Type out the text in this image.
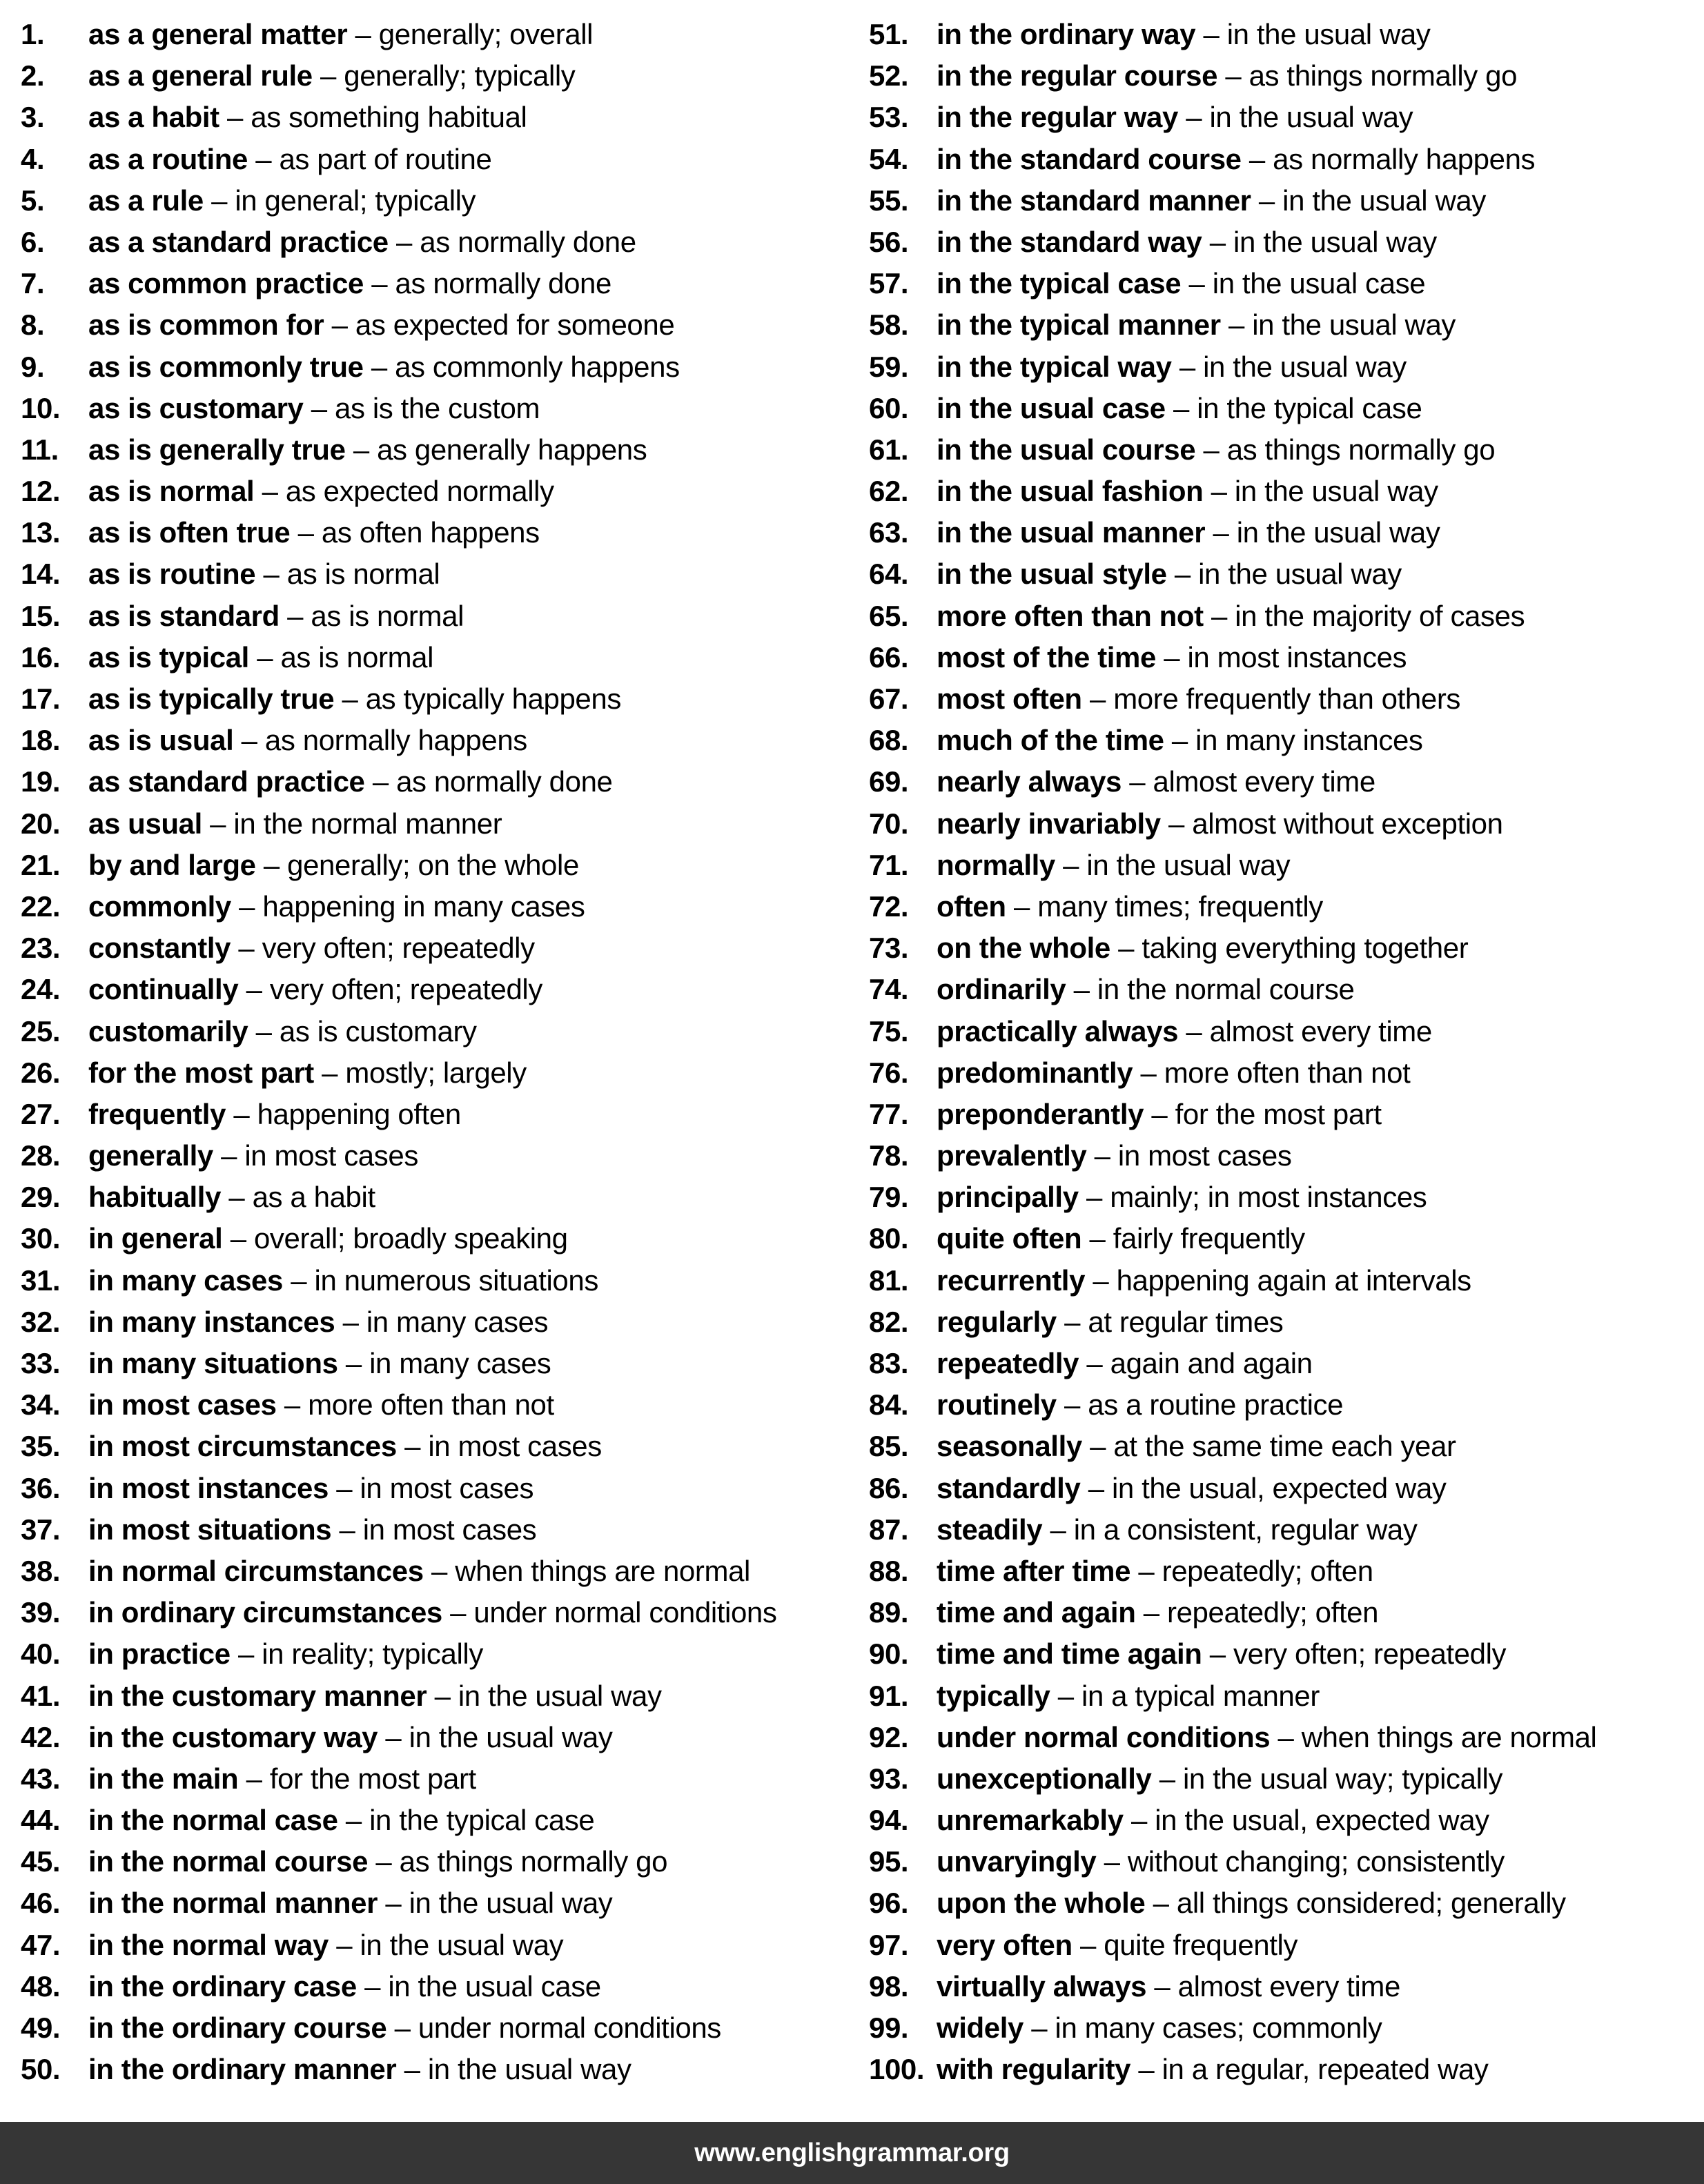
1.	as a general matter – generally; overall
2.	as a general rule – generally; typically
3.	as a habit – as something habitual
4.	as a routine – as part of routine
5.	as a rule – in general; typically
6.	as a standard practice – as normally done
7.	as common practice – as normally done
8.	as is common for – as expected for someone
9.	as is commonly true – as commonly happens
10. as is customary – as is the custom
11.	as is generally true – as generally happens
12. as is normal – as expected normally
13. as is often true – as often happens
14. as is routine – as is normal
15. as is standard – as is normal
16. as is typical – as is normal
17. as is typically true – as typically happens
18. as is usual – as normally happens
19. as standard practice – as normally done
20. as usual – in the normal manner
21. by and large – generally; on the whole
22. commonly – happening in many cases
23. constantly – very often; repeatedly
24. continually – very often; repeatedly
25. customarily – as is customary
26. for the most part – mostly; largely
27. frequently – happening often
28. generally – in most cases
29. habitually – as a habit
30. in general – overall; broadly speaking
31. in many cases – in numerous situations
32. in many instances – in many cases
33. in many situations – in many cases
34. in most cases – more often than not
35. in most circumstances – in most cases
36. in most instances – in most cases
37. in most situations – in most cases
38. in normal circumstances – when things are normal
39. in ordinary circumstances – under normal conditions
40. in practice – in reality; typically
41. in the customary manner – in the usual way
42. in the customary way – in the usual way
43. in the main – for the most part
44. in the normal case – in the typical case
45. in the normal course – as things normally go
46. in the normal manner – in the usual way
47. in the normal way – in the usual way
48. in the ordinary case – in the usual case
49. in the ordinary course – under normal conditions
50. in the ordinary manner – in the usual way
51. in the ordinary way – in the usual way
52. in the regular course – as things normally go
53. in the regular way – in the usual way
54. in the standard course – as normally happens
55. in the standard manner – in the usual way
56. in the standard way – in the usual way
57. in the typical case – in the usual case
58. in the typical manner – in the usual way
59. in the typical way – in the usual way
60. in the usual case – in the typical case
61. in the usual course – as things normally go
62. in the usual fashion – in the usual way
63. in the usual manner – in the usual way
64. in the usual style – in the usual way
65. more often than not – in the majority of cases
66. most of the time – in most instances
67. most often – more frequently than others
68. much of the time – in many instances
69. nearly always – almost every time
70. nearly invariably – almost without exception
71. normally – in the usual way
72. often – many times; frequently
73. on the whole – taking everything together
74. ordinarily – in the normal course
75. practically always – almost every time
76. predominantly – more often than not
77. preponderantly – for the most part
78. prevalently – in most cases
79. principally – mainly; in most instances
80. quite often – fairly frequently
81. recurrently – happening again at intervals
82. regularly – at regular times
83. repeatedly – again and again
84. routinely – as a routine practice
85. seasonally – at the same time each year
86. standardly – in the usual, expected way
87. steadily – in a consistent, regular way
88. time after time – repeatedly; often
89. time and again – repeatedly; often
90. time and time again – very often; repeatedly
91. typically – in a typical manner
92. under normal conditions – when things are normal
93. unexceptionally – in the usual way; typically
94. unremarkably – in the usual, expected way
95. unvaryingly – without changing; consistently
96. upon the whole – all things considered; generally
97. very often – quite frequently
98. virtually always – almost every time
99. widely – in many cases; commonly
100. with regularity – in a regular, repeated way
www.englishgrammar.org
